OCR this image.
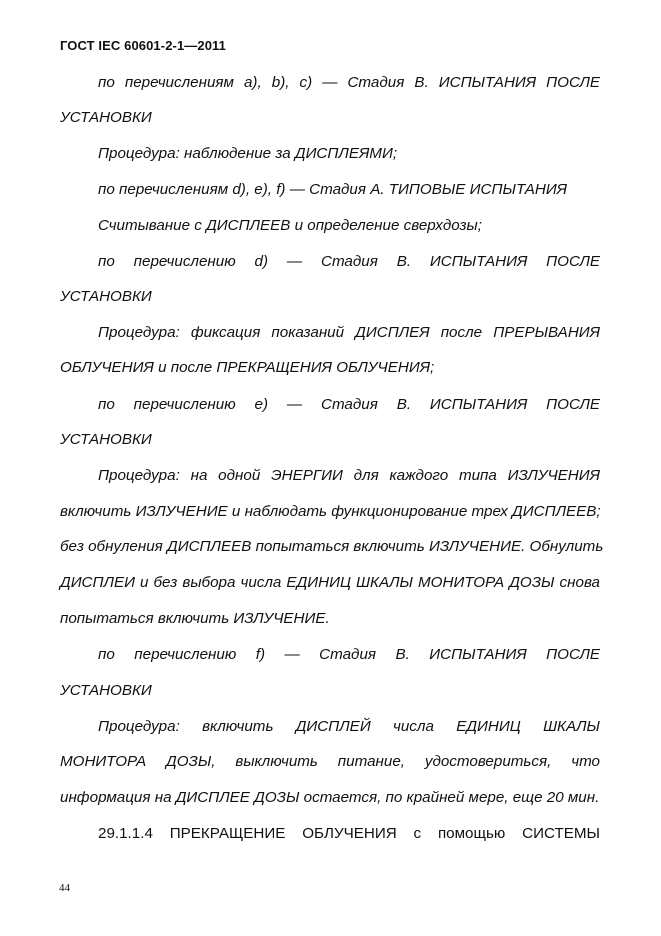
ГОСТ IEC 60601-2-1—2011
по перечислениям а), b), c) — Стадия В. ИСПЫТАНИЯ ПОСЛЕ
УСТАНОВКИ
Процедура: наблюдение за ДИСПЛЕЯМИ;
по перечислениям d), e), f) — Стадия А. ТИПОВЫЕ ИСПЫТАНИЯ
Считывание с ДИСПЛЕЕВ и определение сверхдозы;
по перечислению d) — Стадия В. ИСПЫТАНИЯ ПОСЛЕ
УСТАНОВКИ
Процедура: фиксация показаний ДИСПЛЕЯ после ПРЕРЫВАНИЯ
ОБЛУЧЕНИЯ и после ПРЕКРАЩЕНИЯ ОБЛУЧЕНИЯ;
по перечислению е) — Стадия В. ИСПЫТАНИЯ ПОСЛЕ
УСТАНОВКИ
Процедура: на одной ЭНЕРГИИ для каждого типа ИЗЛУЧЕНИЯ
включить ИЗЛУЧЕНИЕ и наблюдать функционирование трех ДИСПЛЕЕВ;
без обнуления ДИСПЛЕЕВ попытаться включить ИЗЛУЧЕНИЕ. Обнулить
ДИСПЛЕИ и без выбора числа ЕДИНИЦ ШКАЛЫ МОНИТОРА ДОЗЫ снова
попытаться включить ИЗЛУЧЕНИЕ.
по перечислению f) — Стадия В. ИСПЫТАНИЯ ПОСЛЕ
УСТАНОВКИ
Процедура: включить ДИСПЛЕЙ числа ЕДИНИЦ ШКАЛЫ
МОНИТОРА ДОЗЫ, выключить питание, удостовериться, что
информация на ДИСПЛЕЕ ДОЗЫ остается, по крайней мере, еще 20 мин.
29.1.1.4 ПРЕКРАЩЕНИЕ ОБЛУЧЕНИЯ с помощью СИСТЕМЫ
44
